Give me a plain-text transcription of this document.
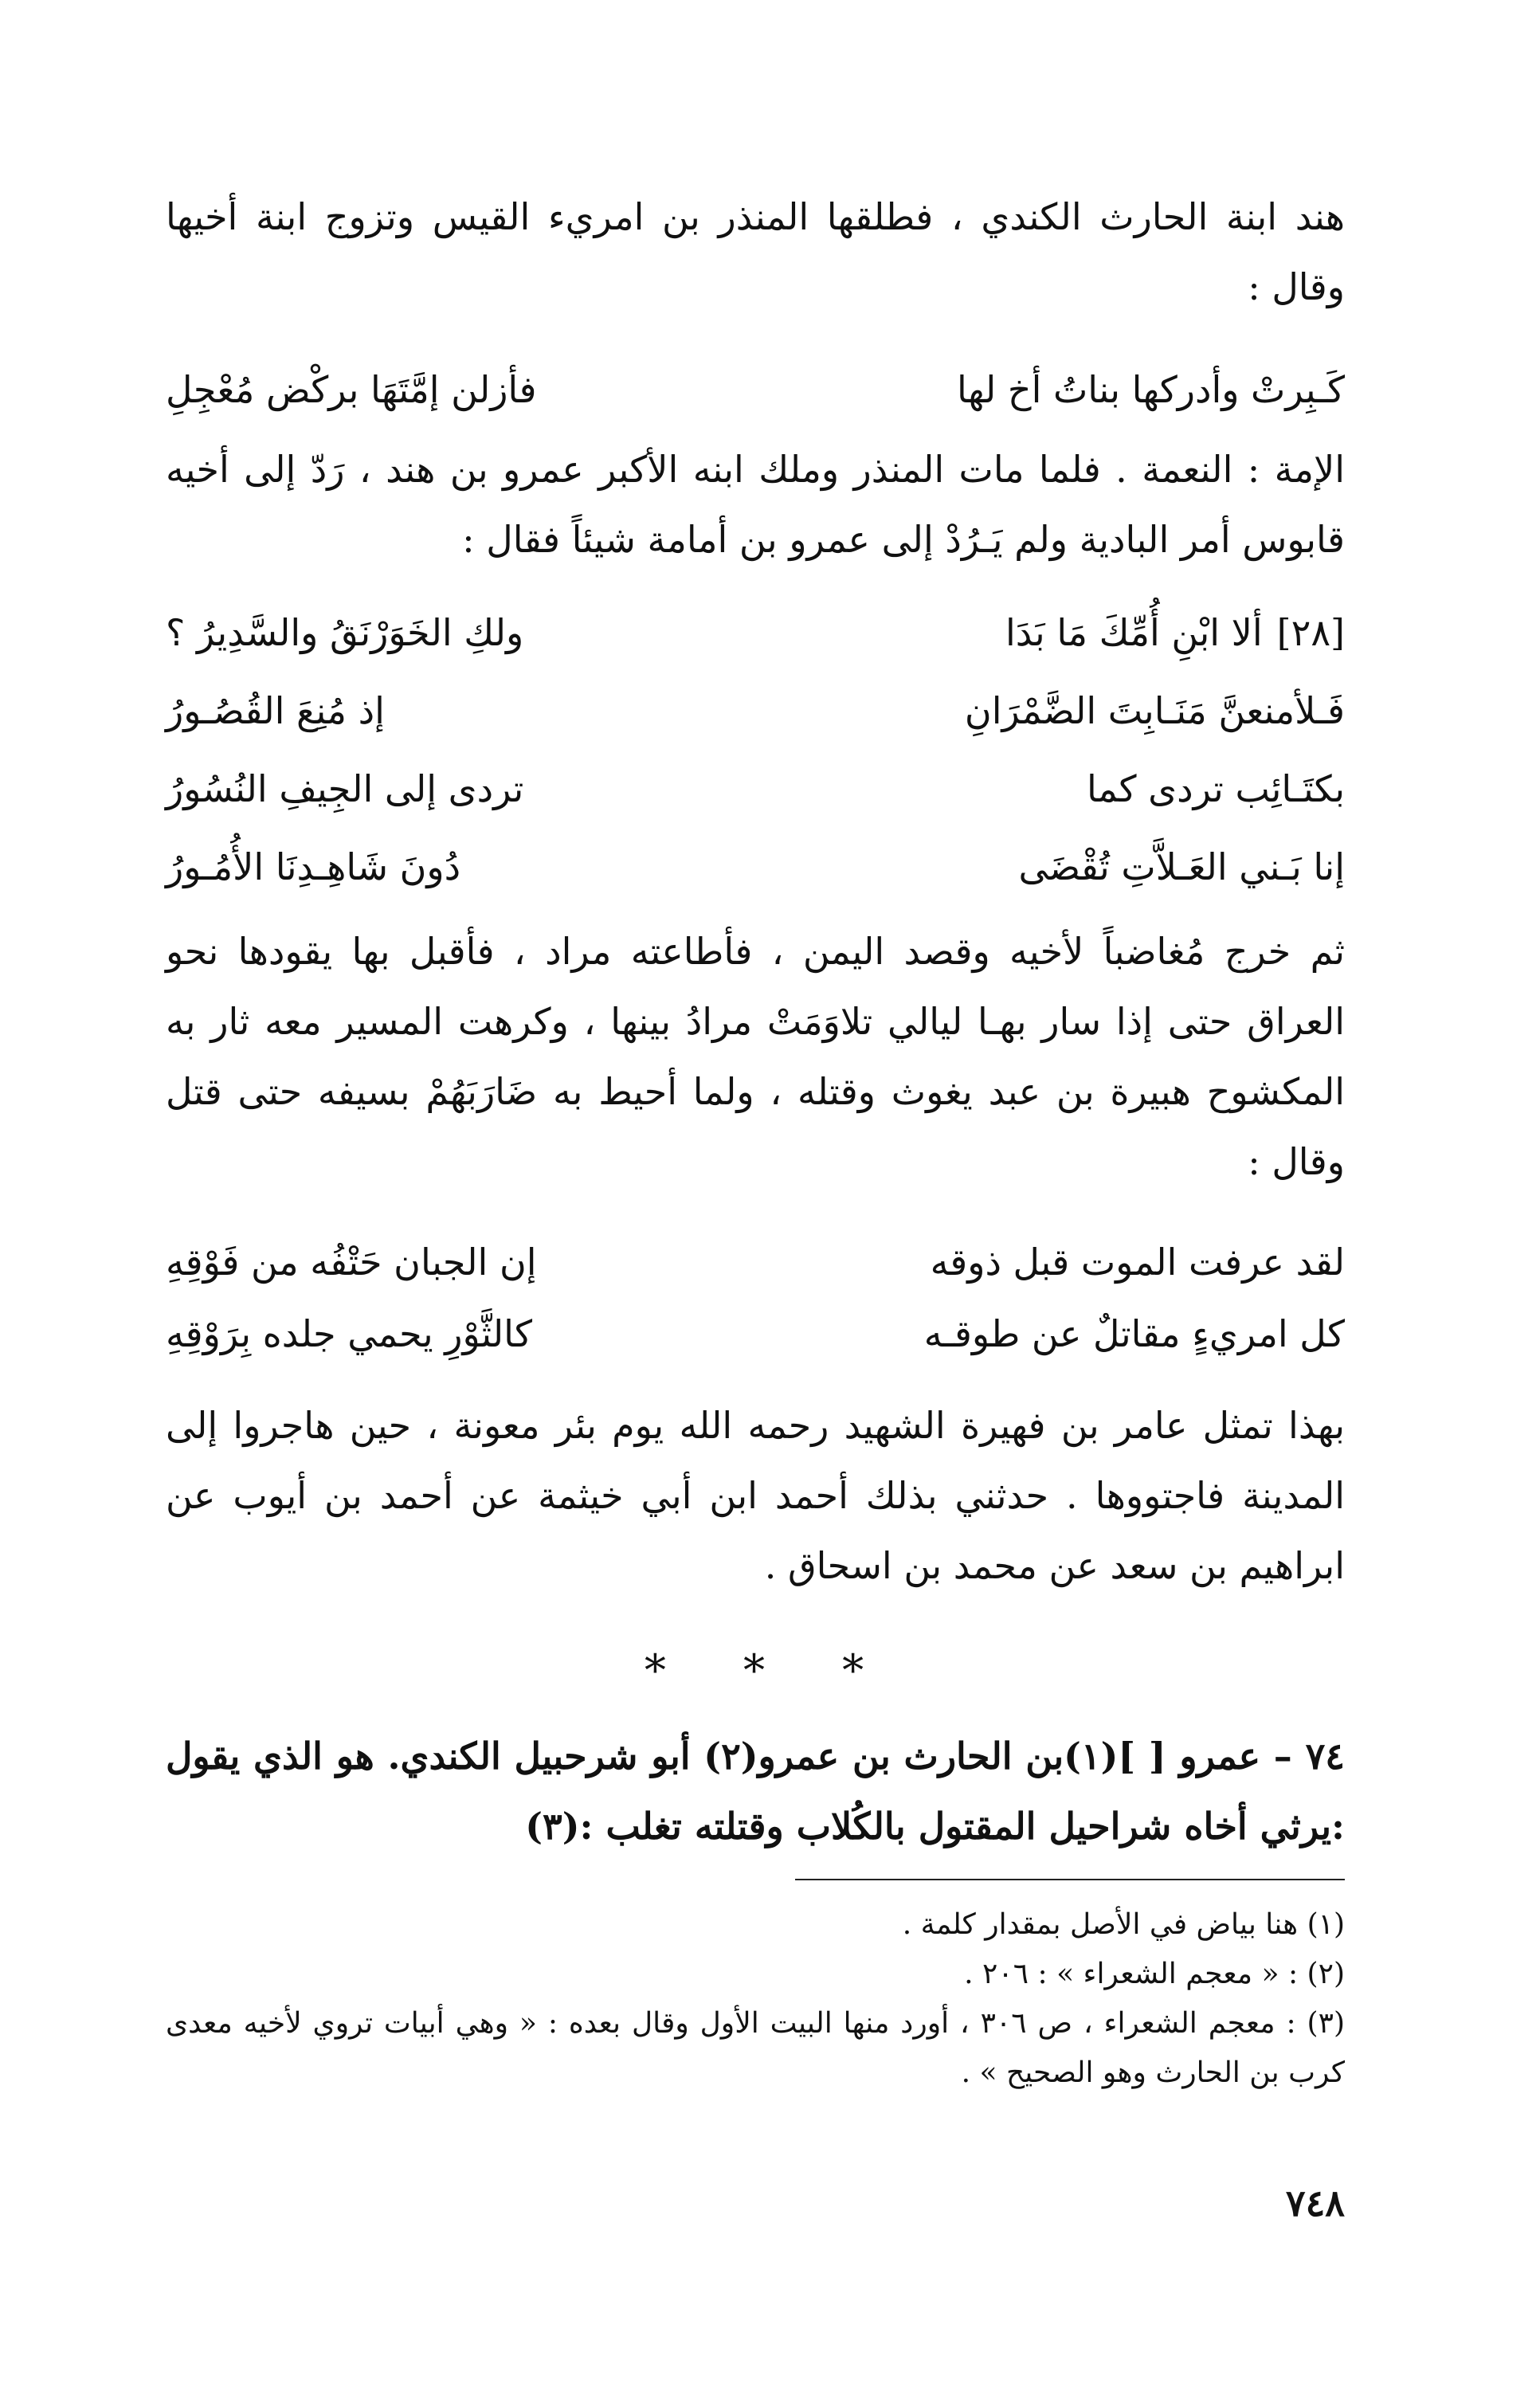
هند ابنة الحارث الكندي ، فطلقها المنذر بن امريء القيس وتزوج ابنة أخيها وقال :

كَـبِرتْ وأدركها بناتُ أخ لها
فأزلن إمَّتَهَا بركْض مُعْجِلِ

الإمة : النعمة . فلما مات المنذر وملك ابنه الأكبر عمرو بن هند ، رَدّ إلى أخيه قابوس أمر البادية ولم يَـرُدْ إلى عمرو بن أمامة شيئاً فقال :

[٢٨]
ألا ابْنِ أُمِّكَ مَا بَدَا
ولكِ الخَوَرْنَقُ والسَّدِيرُ ؟
فَـلأمنعنَّ مَنَـابِتَ الضَّمْرَانِ
إذ مُنِعَ القُصُـورُ
بكتَـائِب تردى كما
تردى إلى الجِيفِ النُسُورُ
إنا بَـني العَـلاَّتِ تُقْضَى
دُونَ شَاهِـدِنَا الأُمُـورُ

ثم خرج مُغاضباً لأخيه وقصد اليمن ، فأطاعته مراد ، فأقبل بها يقودها نحو العراق حتى إذا سار بهـا ليالي تلاوَمَتْ مرادُ بينها ، وكرهت المسير معه ثار به المكشوح هبيرة بن عبد يغوث وقتله ، ولما أحيط به ضَارَبَهُمْ بسيفه حتى قتل وقال :

لقد عرفت الموت قبل ذوقه
إن الجبان حَتْفُه من فَوْقِهِ
كل امريءٍ مقاتلٌ عن طوقـه
كالثَّوْرِ يحمي جلده بِرَوْقِهِ

بهذا تمثل عامر بن فهيرة الشهيد رحمه الله يوم بئر معونة ، حين هاجروا إلى المدينة فاجتووها . حدثني بذلك أحمد ابن أبي خيثمة عن أحمد بن أيوب عن ابراهيم بن سعد عن محمد بن اسحاق .

* * *

٧٤ – عمرو [ ](١)بن الحارث بن عمرو(٢) أبو شرحبيل الكندي. هو الذي يقول :يرثي أخاه شراحيل المقتول بالكُلاب وقتلته تغلب :(٣)

(١) هنا بياض في الأصل بمقدار كلمة .

(٢) : « معجم الشعراء » : ٢٠٦ .

(٣) : معجم الشعراء ، ص ٣٠٦ ، أورد منها البيت الأول وقال بعده : « وهي أبيات تروي لأخيه معدى كرب بن الحارث وهو الصحيح » .

٧٤٨
